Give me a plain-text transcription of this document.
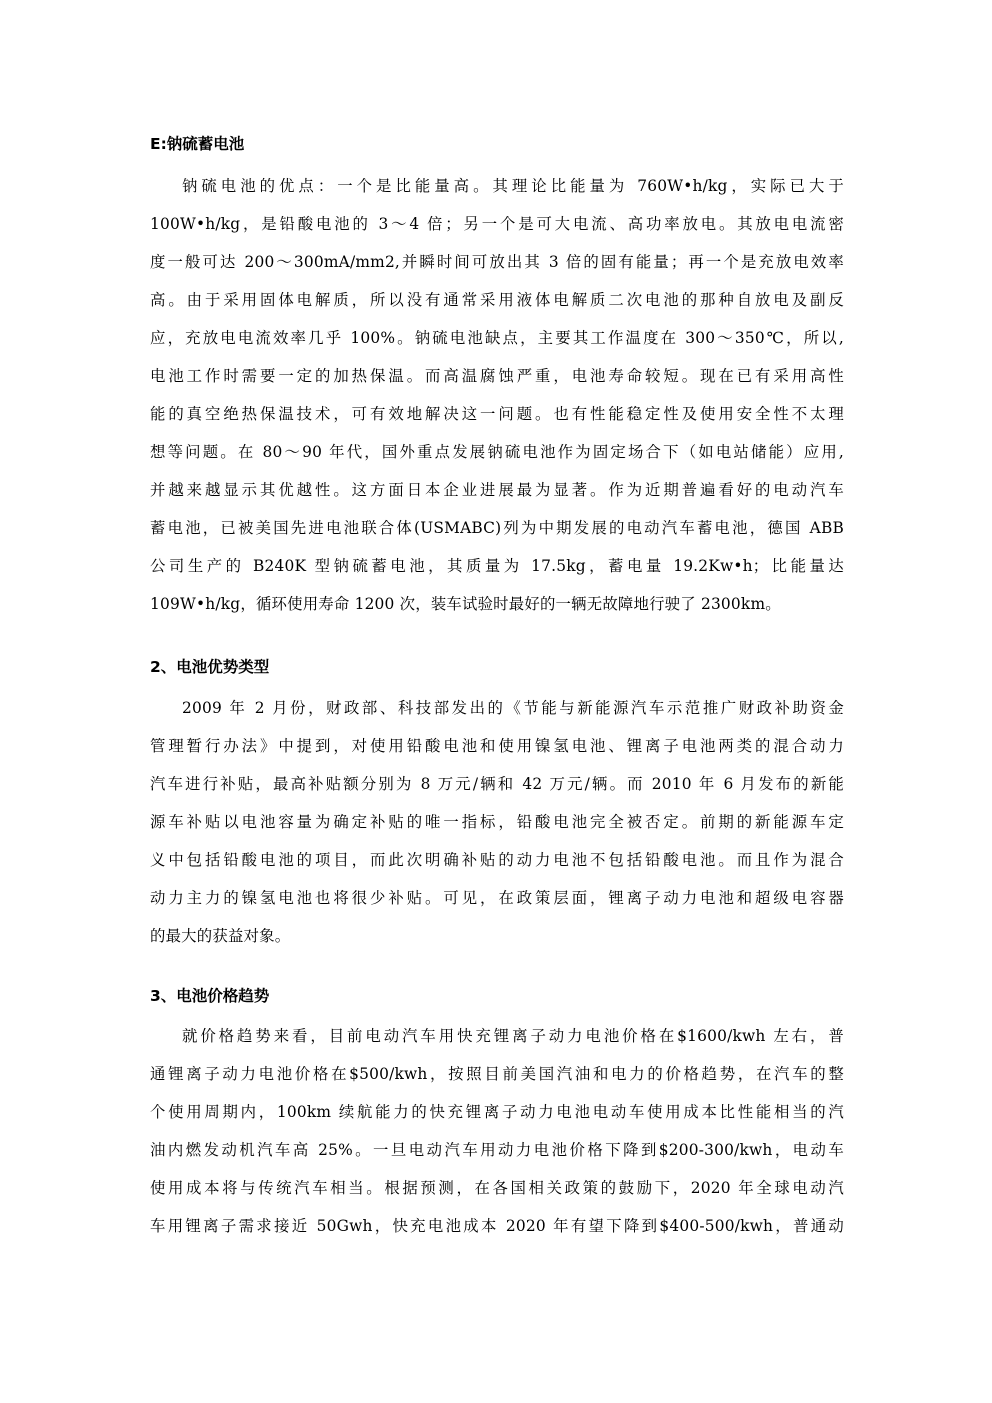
E:钠硫蓄电池
钠硫电池的优点：一个是比能量高。其理论比能量为 760W•h/kg，实际已大于
100W•h/kg，是铅酸电池的 3～4 倍；另一个是可大电流、高功率放电。其放电电流密
度一般可达 200～300mA/mm2,并瞬时间可放出其 3 倍的固有能量；再一个是充放电效率
高。由于采用固体电解质，所以没有通常采用液体电解质二次电池的那种自放电及副反
应，充放电电流效率几乎 100%。钠硫电池缺点，主要其工作温度在 300～350℃，所以,
电池工作时需要一定的加热保温。而高温腐蚀严重，电池寿命较短。现在已有采用高性
能的真空绝热保温技术，可有效地解决这一问题。也有性能稳定性及使用安全性不太理
想等问题。在 80～90 年代，国外重点发展钠硫电池作为固定场合下（如电站储能）应用,
并越来越显示其优越性。这方面日本企业进展最为显著。作为近期普遍看好的电动汽车
蓄电池，已被美国先进电池联合体(USMABC)列为中期发展的电动汽车蓄电池，德国 ABB
公司生产的 B240K 型钠硫蓄电池，其质量为 17.5kg，蓄电量 19.2Kw•h；比能量达
109W•h/kg，循环使用寿命 1200 次，装车试验时最好的一辆无故障地行驶了 2300km。
2、电池优势类型
2009 年 2 月份，财政部、科技部发出的《节能与新能源汽车示范推广财政补助资金
管理暂行办法》中提到，对使用铅酸电池和使用镍氢电池、锂离子电池两类的混合动力
汽车进行补贴，最高补贴额分别为 8 万元/辆和 42 万元/辆。而 2010 年 6 月发布的新能
源车补贴以电池容量为确定补贴的唯一指标，铅酸电池完全被否定。前期的新能源车定
义中包括铅酸电池的项目，而此次明确补贴的动力电池不包括铅酸电池。而且作为混合
动力主力的镍氢电池也将很少补贴。可见，在政策层面，锂离子动力电池和超级电容器
的最大的获益对象。
3、电池价格趋势
就价格趋势来看，目前电动汽车用快充锂离子动力电池价格在$1600/kwh 左右，普
通锂离子动力电池价格在$500/kwh，按照目前美国汽油和电力的价格趋势，在汽车的整
个使用周期内，100km 续航能力的快充锂离子动力电池电动车使用成本比性能相当的汽
油内燃发动机汽车高 25%。一旦电动汽车用动力电池价格下降到$200-300/kwh，电动车
使用成本将与传统汽车相当。根据预测，在各国相关政策的鼓励下，2020 年全球电动汽
车用锂离子需求接近 50Gwh，快充电池成本 2020 年有望下降到$400-500/kwh，普通动
